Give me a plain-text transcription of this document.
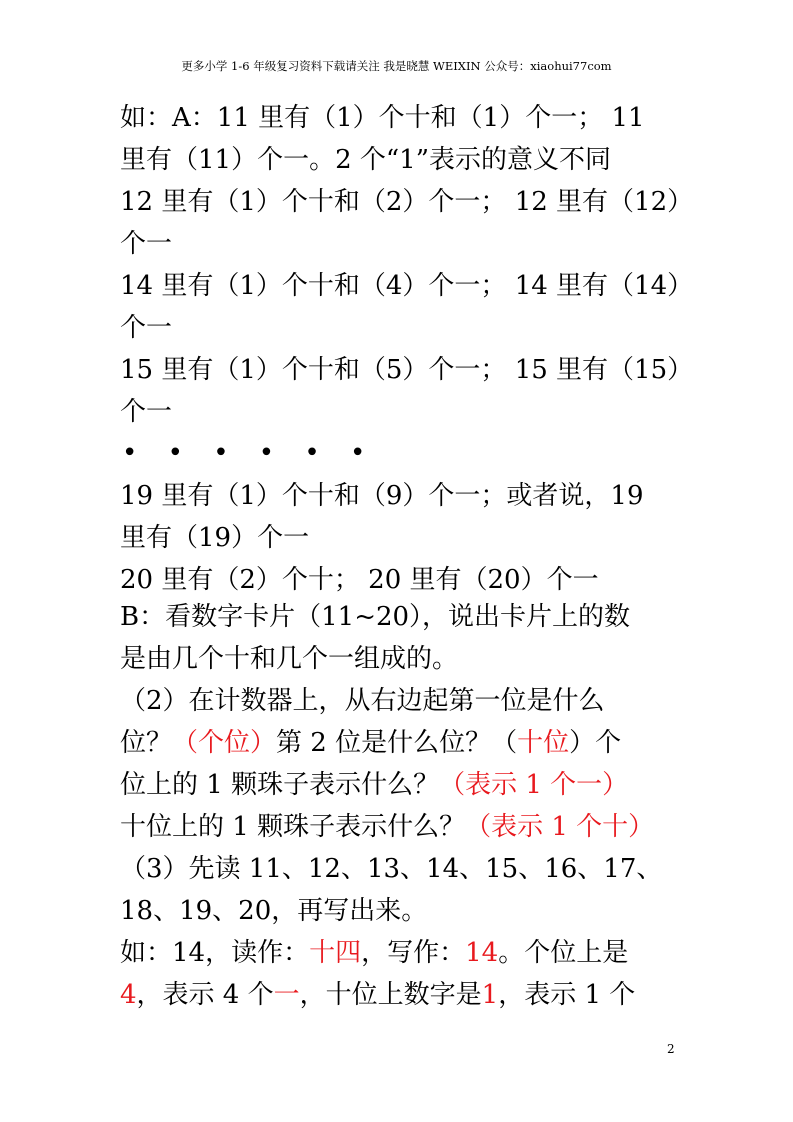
更多小学 1-6 年级复习资料下载请关注 我是晓慧 WEIXIN 公众号：xiaohui77com
如：A：11 里有（1）个十和（1）个一； 11
里有（11）个一。2 个“1”表示的意义不同
12 里有（1）个十和（2）个一； 12 里有（12）
个一
14 里有（1）个十和（4）个一； 14 里有（14）
个一
15 里有（1）个十和（5）个一； 15 里有（15）
个一
• • • • • •
19 里有（1）个十和（9）个一；或者说，19
里有（19）个一
20 里有（2）个十； 20 里有（20）个一
B：看数字卡片（11~20），说出卡片上的数
是由几个十和几个一组成的。
（2）在计数器上，从右边起第一位是什么
位？（个位）第 2 位是什么位？（十位）个
位上的 1 颗珠子表示什么？（表示 1 个一）
十位上的 1 颗珠子表示什么？（表示 1 个十）
（3）先读 11、12、13、14、15、16、17、
18、19、20，再写出来。
如：14，读作：十四，写作：14。个位上是
4，表示 4 个一，十位上数字是1，表示 1 个
2
